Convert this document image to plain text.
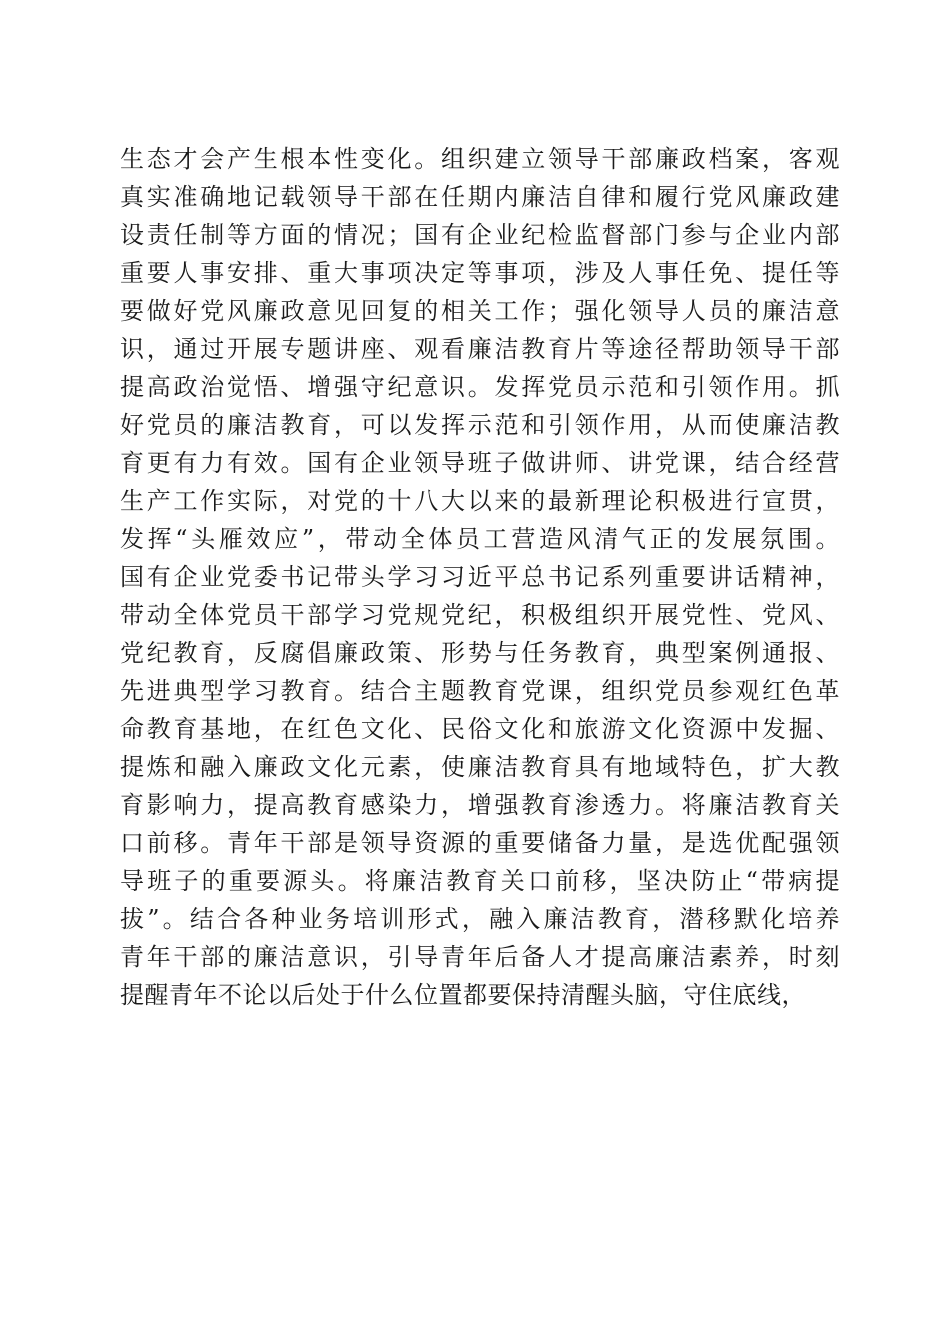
生态才会产生根本性变化。组织建立领导干部廉政档案，客观
真实准确地记载领导干部在任期内廉洁自律和履行党风廉政建
设责任制等方面的情况；国有企业纪检监督部门参与企业内部
重要人事安排、重大事项决定等事项，涉及人事任免、提任等
要做好党风廉政意见回复的相关工作；强化领导人员的廉洁意
识，通过开展专题讲座、观看廉洁教育片等途径帮助领导干部
提高政治觉悟、增强守纪意识。发挥党员示范和引领作用。抓
好党员的廉洁教育，可以发挥示范和引领作用，从而使廉洁教
育更有力有效。国有企业领导班子做讲师、讲党课，结合经营
生产工作实际，对党的十八大以来的最新理论积极进行宣贯，
发挥“头雁效应”，带动全体员工营造风清气正的发展氛围。
国有企业党委书记带头学习习近平总书记系列重要讲话精神，
带动全体党员干部学习党规党纪，积极组织开展党性、党风、
党纪教育，反腐倡廉政策、形势与任务教育，典型案例通报、
先进典型学习教育。结合主题教育党课，组织党员参观红色革
命教育基地，在红色文化、民俗文化和旅游文化资源中发掘、
提炼和融入廉政文化元素，使廉洁教育具有地域特色，扩大教
育影响力，提高教育感染力，增强教育渗透力。将廉洁教育关
口前移。青年干部是领导资源的重要储备力量，是选优配强领
导班子的重要源头。将廉洁教育关口前移，坚决防止“带病提
拔”。结合各种业务培训形式，融入廉洁教育，潜移默化培养
青年干部的廉洁意识，引导青年后备人才提高廉洁素养，时刻
提醒青年不论以后处于什么位置都要保持清醒头脑，守住底线，
